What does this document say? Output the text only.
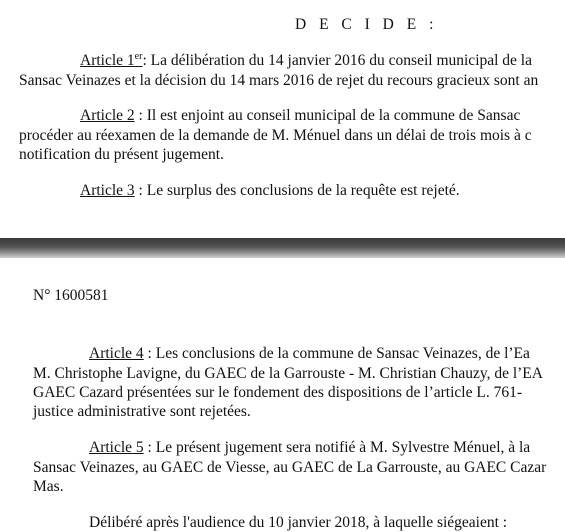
D E C I D E :
Article 1er: La délibération du 14 janvier 2016 du conseil municipal de la
Sansac Veinazes et la décision du 14 mars 2016 de rejet du recours gracieux sont an
Article 2 : Il est enjoint au conseil municipal de la commune de Sansac
procéder au réexamen de la demande de M. Ménuel dans un délai de trois mois à c
notification du présent jugement.
Article 3 : Le surplus des conclusions de la requête est rejeté.
N° 1600581
Article 4 : Les conclusions de la commune de Sansac Veinazes, de l’Ea
M. Christophe Lavigne, du GAEC de la Garrouste - M. Christian Chauzy, de l’EA
GAEC Cazard présentées sur le fondement des dispositions de l’article L. 761-
justice administrative sont rejetées.
Article 5 : Le présent jugement sera notifié à M. Sylvestre Ménuel, à la
Sansac Veinazes, au GAEC de Viesse, au GAEC de La Garrouste, au GAEC Cazar
Mas.
Délibéré après l'audience du 10 janvier 2018, à laquelle siégeaient :
